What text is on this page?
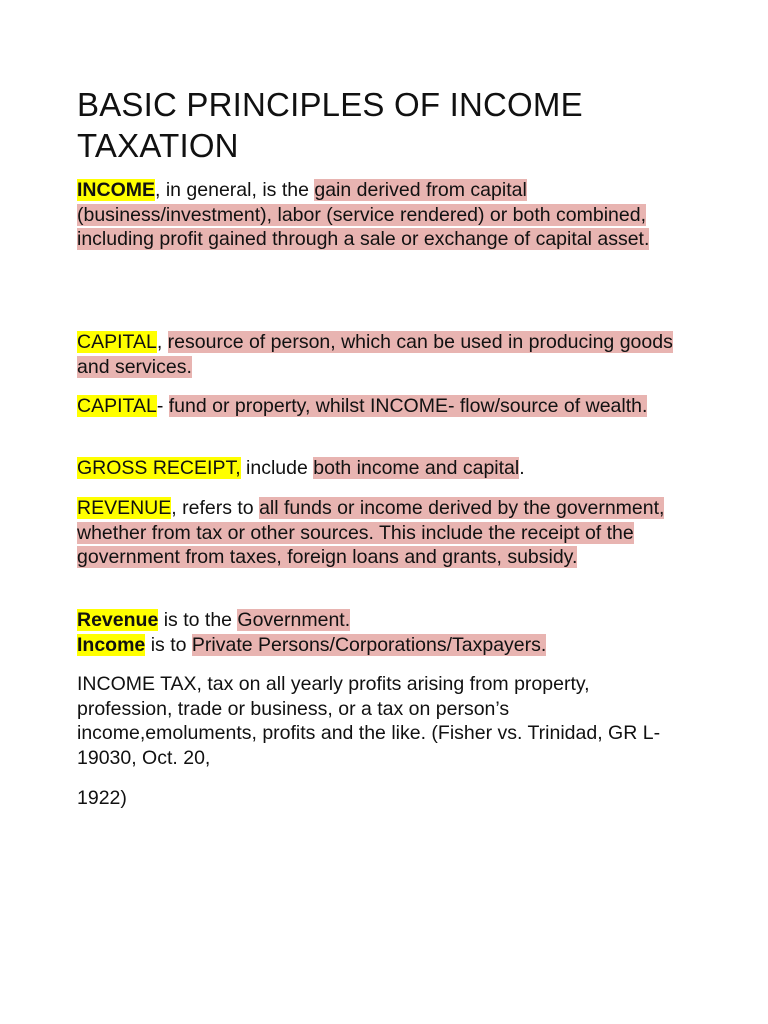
BASIC PRINCIPLES OF INCOME TAXATION

INCOME, in general, is the gain derived from capital (business/investment), labor (service rendered) or both combined, including profit gained through a sale or exchange of capital asset.

CAPITAL, resource of person, which can be used in producing goods and services.

CAPITAL- fund or property, whilst INCOME- flow/source of wealth.

GROSS RECEIPT, include both income and capital.

REVENUE, refers to all funds or income derived by the government, whether from tax or other sources. This include the receipt of the government from taxes, foreign loans and grants, subsidy.

Revenue is to the Government.
Income is to Private Persons/Corporations/Taxpayers.

INCOME TAX, tax on all yearly profits arising from property, profession, trade or business, or a tax on person’s income,emoluments, profits and the like. (Fisher vs. Trinidad, GR L-19030, Oct. 20,

1922)
